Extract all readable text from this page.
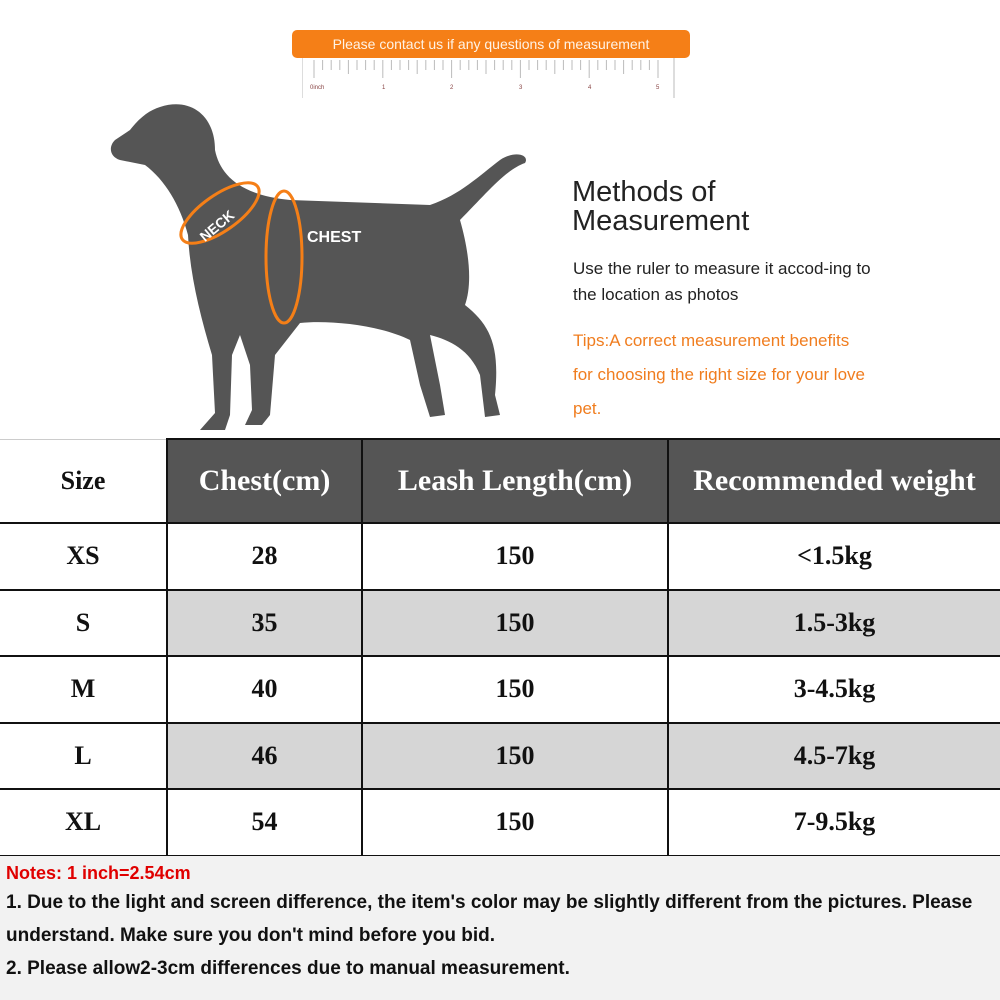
Please contact us if any questions of measurement
0inch	1	2	3	4	5
NECK	CHEST
Methods of
Measurement
Use the ruler to measure it accod-ing to the location as photos
Tips:A correct measurement benefits for choosing the right size for your love pet.
Size	Chest(cm)	Leash Length(cm)	Recommended weight
XS	28	150	<1.5kg
S	35	150	1.5-3kg
M	40	150	3-4.5kg
L	46	150	4.5-7kg
XL	54	150	7-9.5kg
Notes: 1 inch=2.54cm
1. Due to the light and screen difference, the item's color may be slightly different from the pictures. Please understand. Make sure you don't mind before you bid.
2. Please allow2-3cm differences due to manual measurement.
